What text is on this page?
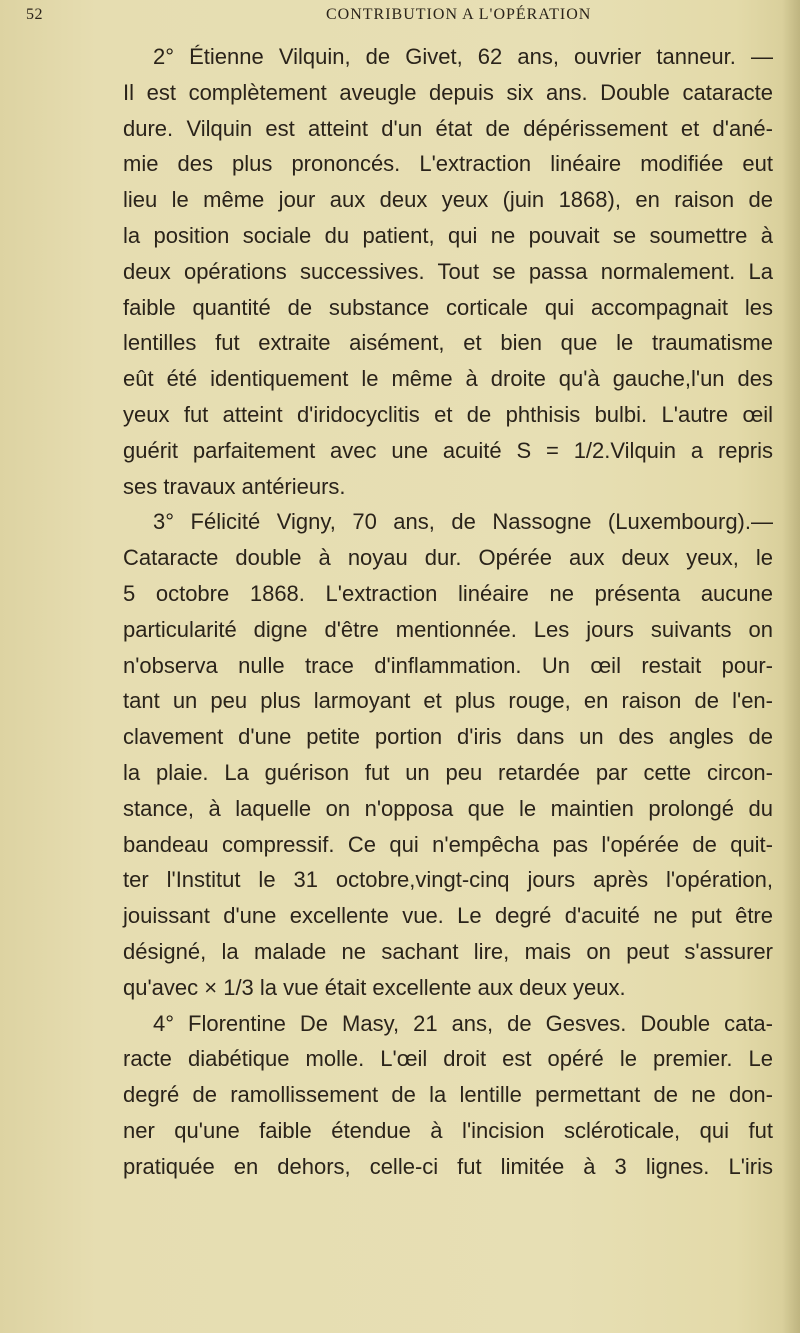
52	CONTRIBUTION A L'OPÉRATION
2° Étienne Vilquin, de Givet, 62 ans, ouvrier tanneur. —
Il est complètement aveugle depuis six ans. Double cataracte
dure. Vilquin est atteint d'un état de dépérissement et d'ané-
mie des plus prononcés. L'extraction linéaire modifiée eut
lieu le même jour aux deux yeux (juin 1868), en raison de
la position sociale du patient, qui ne pouvait se soumettre à
deux opérations successives. Tout se passa normalement. La
faible quantité de substance corticale qui accompagnait les
lentilles fut extraite aisément, et bien que le traumatisme
eût été identiquement le même à droite qu'à gauche,l'un des
yeux fut atteint d'iridocyclitis et de phthisis bulbi. L'autre œil
guérit parfaitement avec une acuité S = 1/2.Vilquin a repris
ses travaux antérieurs.
3° Félicité Vigny, 70 ans, de Nassogne (Luxembourg).—
Cataracte double à noyau dur. Opérée aux deux yeux, le
5 octobre 1868. L'extraction linéaire ne présenta aucune
particularité digne d'être mentionnée. Les jours suivants on
n'observa nulle trace d'inflammation. Un œil restait pour-
tant un peu plus larmoyant et plus rouge, en raison de l'en-
clavement d'une petite portion d'iris dans un des angles de
la plaie. La guérison fut un peu retardée par cette circon-
stance, à laquelle on n'opposa que le maintien prolongé du
bandeau compressif. Ce qui n'empêcha pas l'opérée de quit-
ter l'Institut le 31 octobre,vingt-cinq jours après l'opération,
jouissant d'une excellente vue. Le degré d'acuité ne put être
désigné, la malade ne sachant lire, mais on peut s'assurer
qu'avec × 1/3 la vue était excellente aux deux yeux.
4° Florentine De Masy, 21 ans, de Gesves. Double cata-
racte diabétique molle. L'œil droit est opéré le premier. Le
degré de ramollissement de la lentille permettant de ne don-
ner qu'une faible étendue à l'incision scléroticale, qui fut
pratiquée en dehors, celle-ci fut limitée à 3 lignes. L'iris
